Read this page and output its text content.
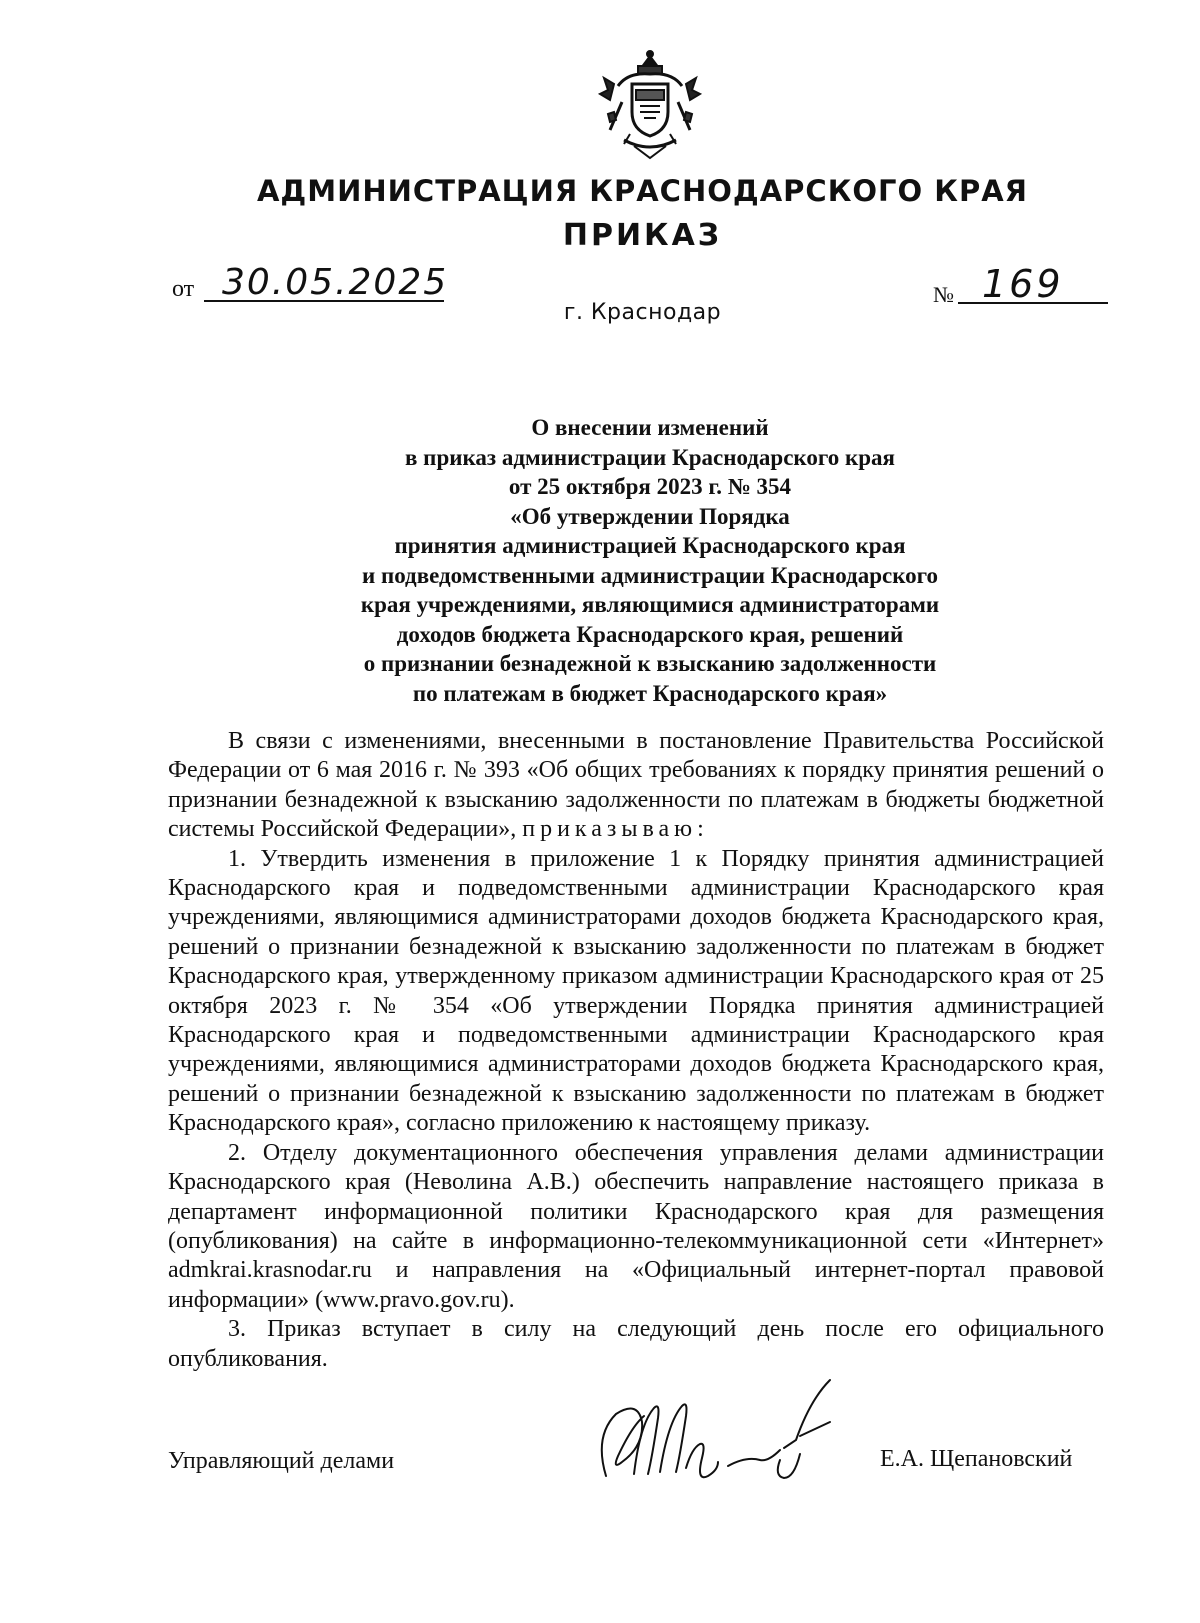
АДМИНИСТРАЦИЯ КРАСНОДАРСКОГО КРАЯ
ПРИКАЗ
от 30.05.2025	№ 169
г. Краснодар
О внесении изменений
в приказ администрации Краснодарского края
от 25 октября 2023 г. № 354
«Об утверждении Порядка
принятия администрацией Краснодарского края
и подведомственными администрации Краснодарского
края учреждениями, являющимися администраторами
доходов бюджета Краснодарского края, решений
о признании безнадежной к взысканию задолженности
по платежам в бюджет Краснодарского края»

В связи с изменениями, внесенными в постановление Правительства Российской Федерации от 6 мая 2016 г. № 393 «Об общих требованиях к порядку принятия решений о признании безнадежной к взысканию задолженности по платежам в бюджеты бюджетной системы Российской Федерации», приказываю:

1. Утвердить изменения в приложение 1 к Порядку принятия администрацией Краснодарского края и подведомственными администрации Краснодарского края учреждениями, являющимися администраторами доходов бюджета Краснодарского края, решений о признании безнадежной к взысканию задолженности по платежам в бюджет Краснодарского края, утвержденному приказом администрации Краснодарского края от 25 октября 2023 г. № 354 «Об утверждении Порядка принятия администрацией Краснодарского края и подведомственными администрации Краснодарского края учреждениями, являющимися администраторами доходов бюджета Краснодарского края, решений о признании безнадежной к взысканию задолженности по платежам в бюджет Краснодарского края», согласно приложению к настоящему приказу.

2. Отделу документационного обеспечения управления делами администрации Краснодарского края (Неволина А.В.) обеспечить направление настоящего приказа в департамент информационной политики Краснодарского края для размещения (опубликования) на сайте в информационно-телекоммуникационной сети «Интернет» admkrai.krasnodar.ru и направления на «Официальный интернет-портал правовой информации» (www.pravo.gov.ru).

3. Приказ вступает в силу на следующий день после его официального опубликования.

Управляющий делами	Е.А. Щепановский
